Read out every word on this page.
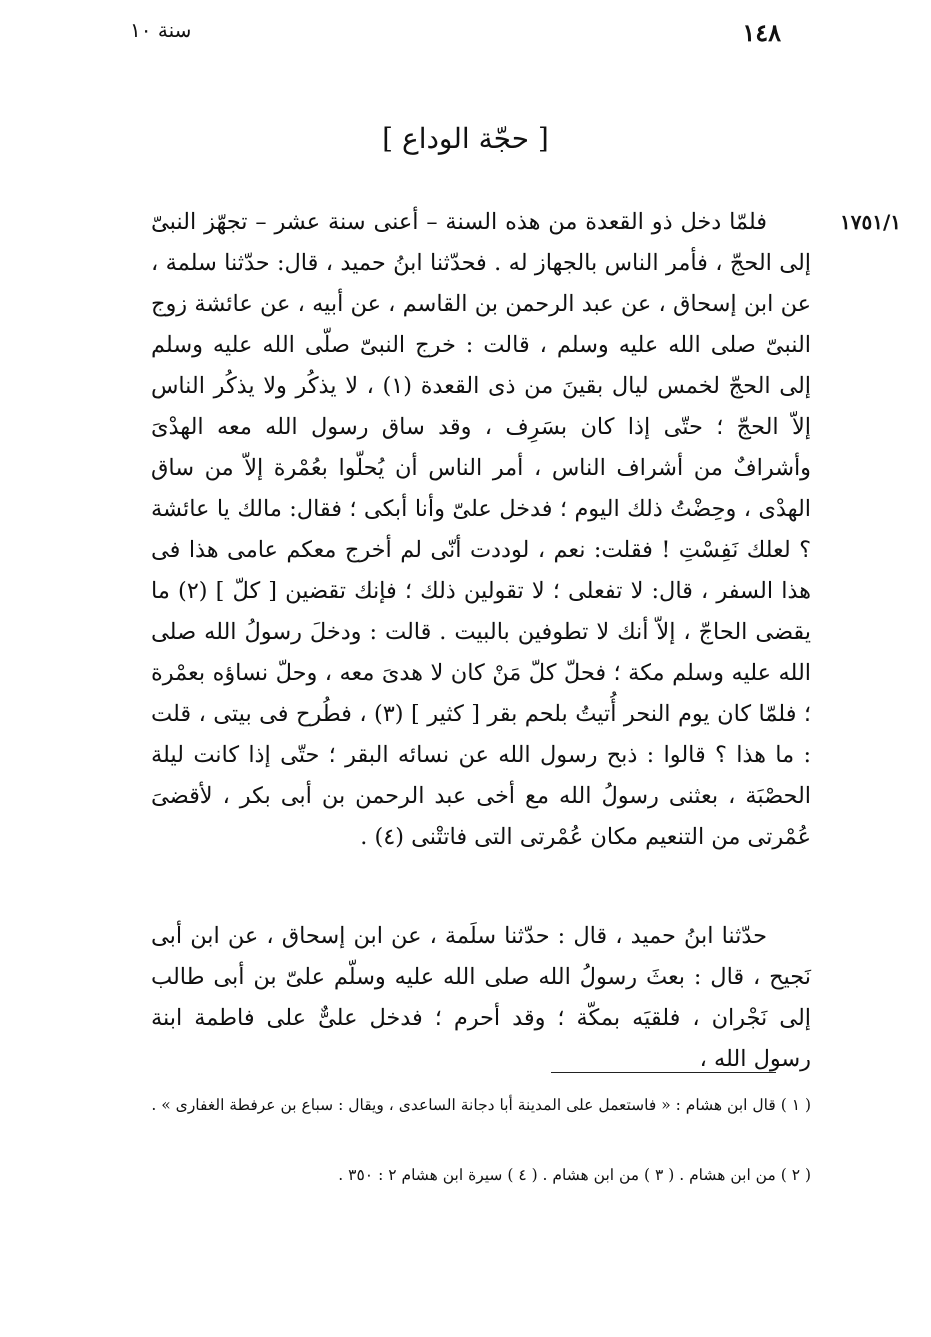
١٤٨
سنة ١٠
[ حجّة الوداع ]
١٧٥١/١
فلمّا دخل ذو القعدة من هذه السنة – أعنى سنة عشر – تجهّز النبىّ إلى الحجّ ، فأمر الناس بالجهاز له . فحدّثنا ابنُ حميد ، قال: حدّثنا سلمة ، عن ابن إسحاق ، عن عبد الرحمن بن القاسم ، عن أبيه ، عن عائشة زوج النبىّ صلى الله عليه وسلم ، قالت : خرج النبىّ صلّى الله عليه وسلم إلى الحجّ لخمس ليال بقينَ من ذى القعدة (١) ، لا يذكُر ولا يذكُر الناس إلاّ الحجّ ؛ حتّى إذا كان بسَرِف ، وقد ساق رسول الله معه الهدْىَ وأشرافٌ من أشراف الناس ، أمر الناس أن يُحلّوا بعُمْرة إلاّ من ساق الهدْى ، وحِضْتُ ذلك اليوم ؛ فدخل علىّ وأنا أبكى ؛ فقال: مالك يا عائشة ؟ لعلك نَفِسْتِ ! فقلت: نعم ، لوددت أنّى لم أخرج معكم عامى هذا فى هذا السفر ، قال: لا تفعلى ؛ لا تقولين ذلك ؛ فإنك تقضين [ كلّ ] (٢) ما يقضى الحاجّ ، إلاّ أنك لا تطوفين بالبيت . قالت : ودخلَ رسولُ الله صلى الله عليه وسلم مكة ؛ فحلّ كلّ مَنْ كان لا هدىَ معه ، وحلّ نساؤه بعمْرة ؛ فلمّا كان يوم النحر أُتيتُ بلحم بقر [ كثير ] (٣) ، فطُرح فى بيتى ، قلت : ما هذا ؟ قالوا : ذبح رسول الله عن نسائه البقر ؛ حتّى إذا كانت ليلة الحصْبَة ، بعثنى رسولُ الله مع أخى عبد الرحمن بن أبى بكر ، لأقضىَ عُمْرتى من التنعيم مكان عُمْرتى التى فاتتْنى (٤) .
حدّثنا ابنُ حميد ، قال : حدّثنا سلَمة ، عن ابن إسحاق ، عن ابن أبى نَجيح ، قال : بعثَ رسولُ الله صلى الله عليه وسلّم علىّ بن أبى طالب إلى نَجْران ، فلقيَه بمكّة ؛ وقد أحرم ؛ فدخل علىٌّ على فاطمة ابنة رسول الله ،
( ١ ) قال ابن هشام : « فاستعمل على المدينة أبا دجانة الساعدى ، ويقال : سباع بن عرفطة الغفارى » .
( ٢ ) من ابن هشام . ( ٣ ) من ابن هشام . ( ٤ ) سيرة ابن هشام ٢ : ٣٥٠ .
